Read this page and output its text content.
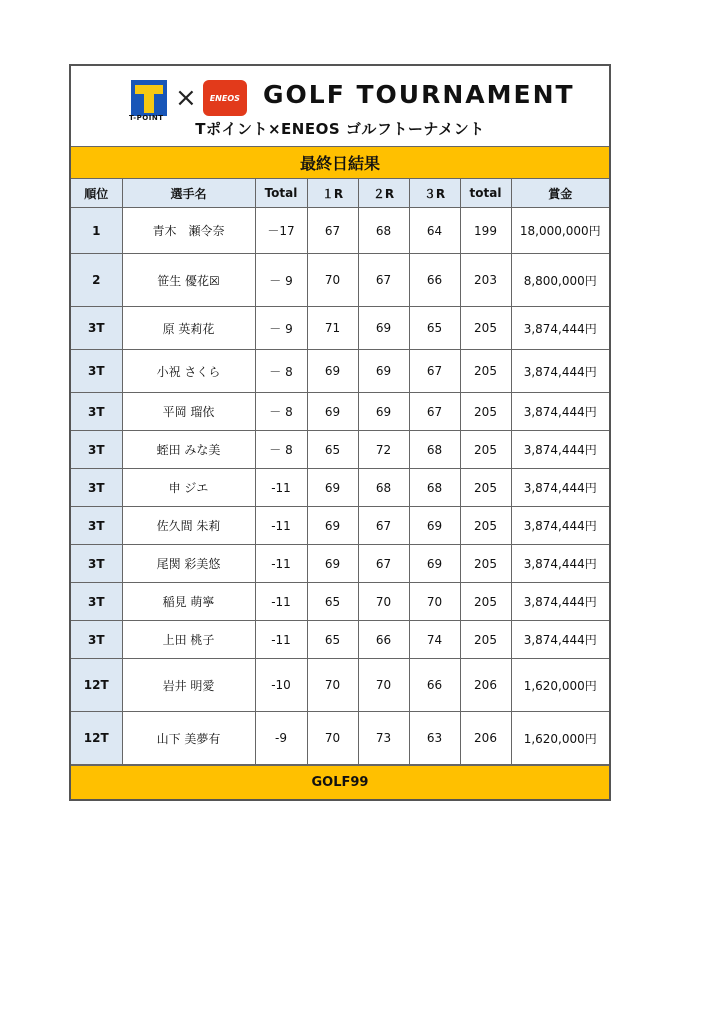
× ENEOS
T-POINT
GOLF TOURNAMENT
Tポイント×ENEOS ゴルフトーナメント
最終日結果
順位	選手名	Total	１R	２R	３R	total	賞金
1	青木　瀬令奈	－17	67	68	64	199	18,000,000円
2	笹生 優花☒	－ 9	70	67	66	203	8,800,000円
3T	原 英莉花	－ 9	71	69	65	205	3,874,444円
3T	小祝 さくら	－ 8	69	69	67	205	3,874,444円
3T	平岡 瑠依	－ 8	69	69	67	205	3,874,444円
3T	蛭田 みな美	－ 8	65	72	68	205	3,874,444円
3T	申 ジエ	-11	69	68	68	205	3,874,444円
3T	佐久間 朱莉	-11	69	67	69	205	3,874,444円
3T	尾関 彩美悠	-11	69	67	69	205	3,874,444円
3T	稲見 萌寧	-11	65	70	70	205	3,874,444円
3T	上田 桃子	-11	65	66	74	205	3,874,444円
12T	岩井 明愛	-10	70	70	66	206	1,620,000円
12T	山下 美夢有	-9	70	73	63	206	1,620,000円
GOLF99
